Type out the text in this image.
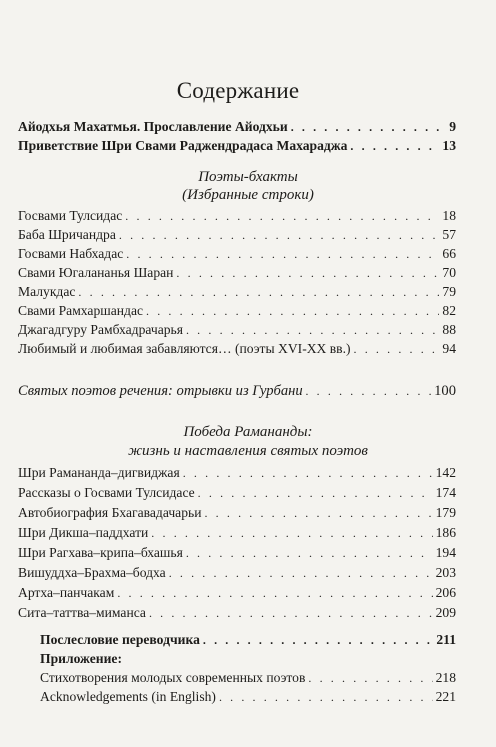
Содержание
Айодхья Махатмья. Прославление Айодхьи . . .	9
Приветствие Шри Свами Раджендрадаса Махараджа . . .	13
Поэты-бхакты
(Избранные строки)
Госвами Тулсидас . . .	18
Баба Шричандра . . .	57
Госвами Набхадас . . .	66
Свами Югалананья Шаран . . .	70
Малукдас . . .	79
Свами Рамхаршандас . . .	82
Джагадгуру Рамбхадрачарья . . .	88
Любимый и любимая забавляются… (поэты XVI-XX вв.) . . .	94
Святых поэтов речения: отрывки из Гурбани . . .	100
Победа Рамананды:
жизнь и наставления святых поэтов
Шри Рамананда–дигвиджая . . .	142
Рассказы о Госвами Тулсидасе . . .	174
Автобиография Бхагавадачарьи . . .	179
Шри Дикша–паддхати . . .	186
Шри Рагхава–крипа–бхашья . . .	194
Вишуддха–Брахма–бодха . . .	203
Артха–панчакам . . .	206
Сита–таттва–миманса . . .	209
Послесловие переводчика . . .	211
Приложение:
Стихотворения молодых современных поэтов . . .	218
Acknowledgements (in English) . . .	221
